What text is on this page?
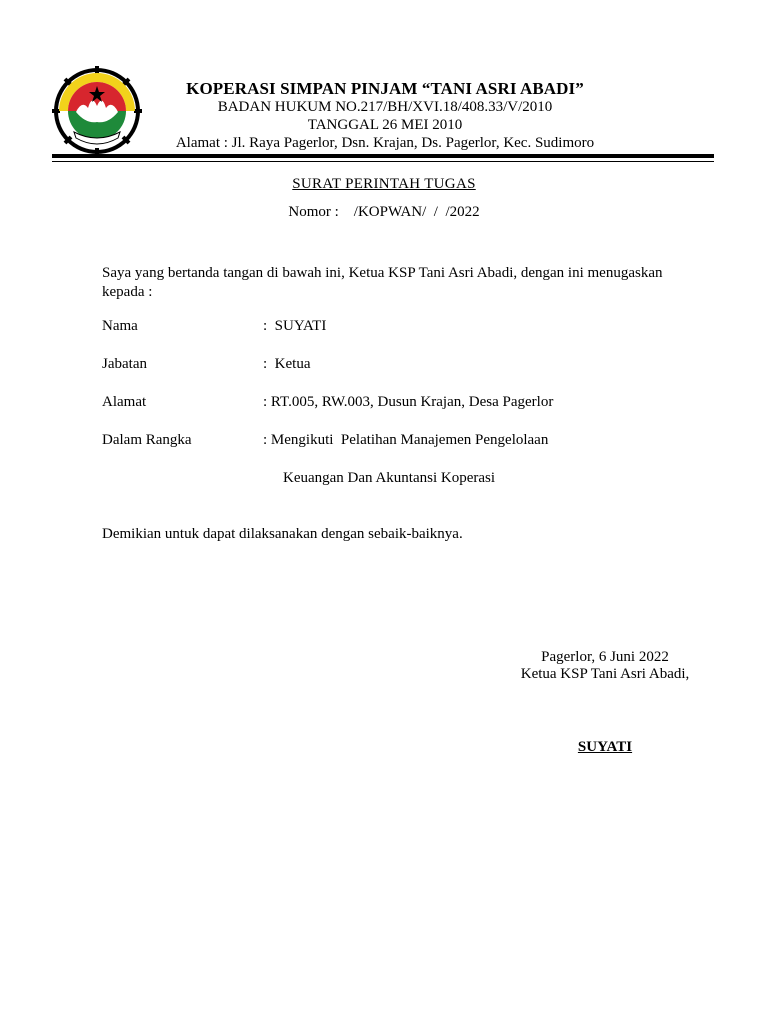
KOPERASI SIMPAN PINJAM “TANI ASRI ABADI”
BADAN HUKUM NO.217/BH/XVI.18/408.33/V/2010
TANGGAL 26 MEI 2010
Alamat : Jl. Raya Pagerlor, Dsn. Krajan, Ds. Pagerlor, Kec. Sudimoro
SURAT PERINTAH TUGAS
Nomor :    /KOPWAN/  /  /2022
Saya yang bertanda tangan di bawah ini, Ketua KSP Tani Asri Abadi, dengan ini menugaskan kepada :
Nama	:  SUYATI
Jabatan	:  Ketua
Alamat	: RT.005, RW.003, Dusun Krajan, Desa Pagerlor
Dalam Rangka	: Mengikuti  Pelatihan Manajemen Pengelolaan
Keuangan Dan Akuntansi Koperasi
Demikian untuk dapat dilaksanakan dengan sebaik-baiknya.
Pagerlor, 6 Juni 2022
Ketua KSP Tani Asri Abadi,
SUYATI
